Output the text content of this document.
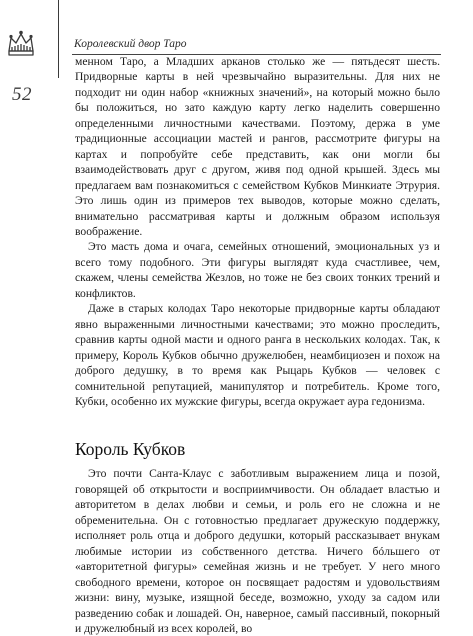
52
Королевский двор Таро

менном Таро, а Младших арканов столько же — пятьдесят шесть. Придворные карты в ней чрезвычайно выразительны. Для них не подходит ни один набор «книжных значений», на который можно было бы положиться, но зато каждую карту легко наделить совершенно определенными личностными качествами. Поэтому, держа в уме традиционные ассоциации мастей и рангов, рассмотрите фигуры на картах и попробуйте себе представить, как они могли бы взаимодействовать друг с другом, живя под одной крышей. Здесь мы предлагаем вам познакомиться с семейством Кубков Минкиате Этрурия. Это лишь один из примеров тех выводов, которые можно сделать, внимательно рассматривая карты и должным образом используя воображение.

Это масть дома и очага, семейных отношений, эмоциональных уз и всего тому подобного. Эти фигуры выглядят куда счастливее, чем, скажем, члены семейства Жезлов, но тоже не без своих тонких трений и конфликтов.

Даже в старых колодах Таро некоторые придворные карты обладают явно выраженными личностными качествами; это можно проследить, сравнив карты одной масти и одного ранга в нескольких колодах. Так, к примеру, Король Кубков обычно дружелюбен, неамбициозен и похож на доброго дедушку, в то время как Рыцарь Кубков — человек с сомнительной репутацией, манипулятор и потребитель. Кроме того, Кубки, особенно их мужские фигуры, всегда окружает аура гедонизма.

Король Кубков

Это почти Санта-Клаус с заботливым выражением лица и позой, говорящей об открытости и восприимчивости. Он обладает властью и авторитетом в делах любви и семьи, и роль его не сложна и не обременительна. Он с готовностью предлагает дружескую поддержку, исполняет роль отца и доброго дедушки, который рассказывает внукам любимые истории из собственного детства. Ничего бóльшего от «авторитетной фигуры» семейная жизнь и не требует. У него много свободного времени, которое он посвящает радостям и удовольствиям жизни: вину, музыке, изящной беседе, возможно, уходу за садом или разведению собак и лошадей. Он, наверное, самый пассивный, покорный и дружелюбный из всех королей, во
